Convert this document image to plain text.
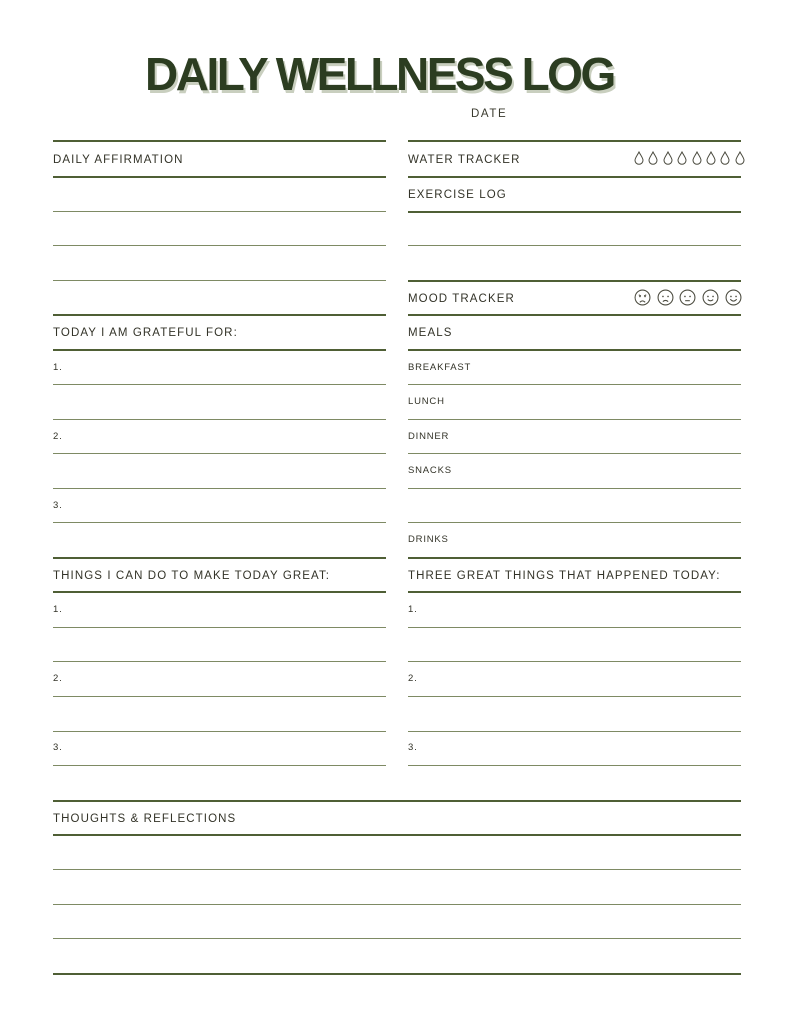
DAILY WELLNESS LOG
DATE
DAILY AFFIRMATION
TODAY I AM GRATEFUL FOR:
1.
2.
3.
THINGS I CAN DO TO MAKE TODAY GREAT:
1.
2.
3.
WATER TRACKER
EXERCISE LOG
MOOD TRACKER
MEALS
BREAKFAST
LUNCH
DINNER
SNACKS
DRINKS
THREE GREAT THINGS THAT HAPPENED TODAY:
1.
2.
3.
THOUGHTS & REFLECTIONS
